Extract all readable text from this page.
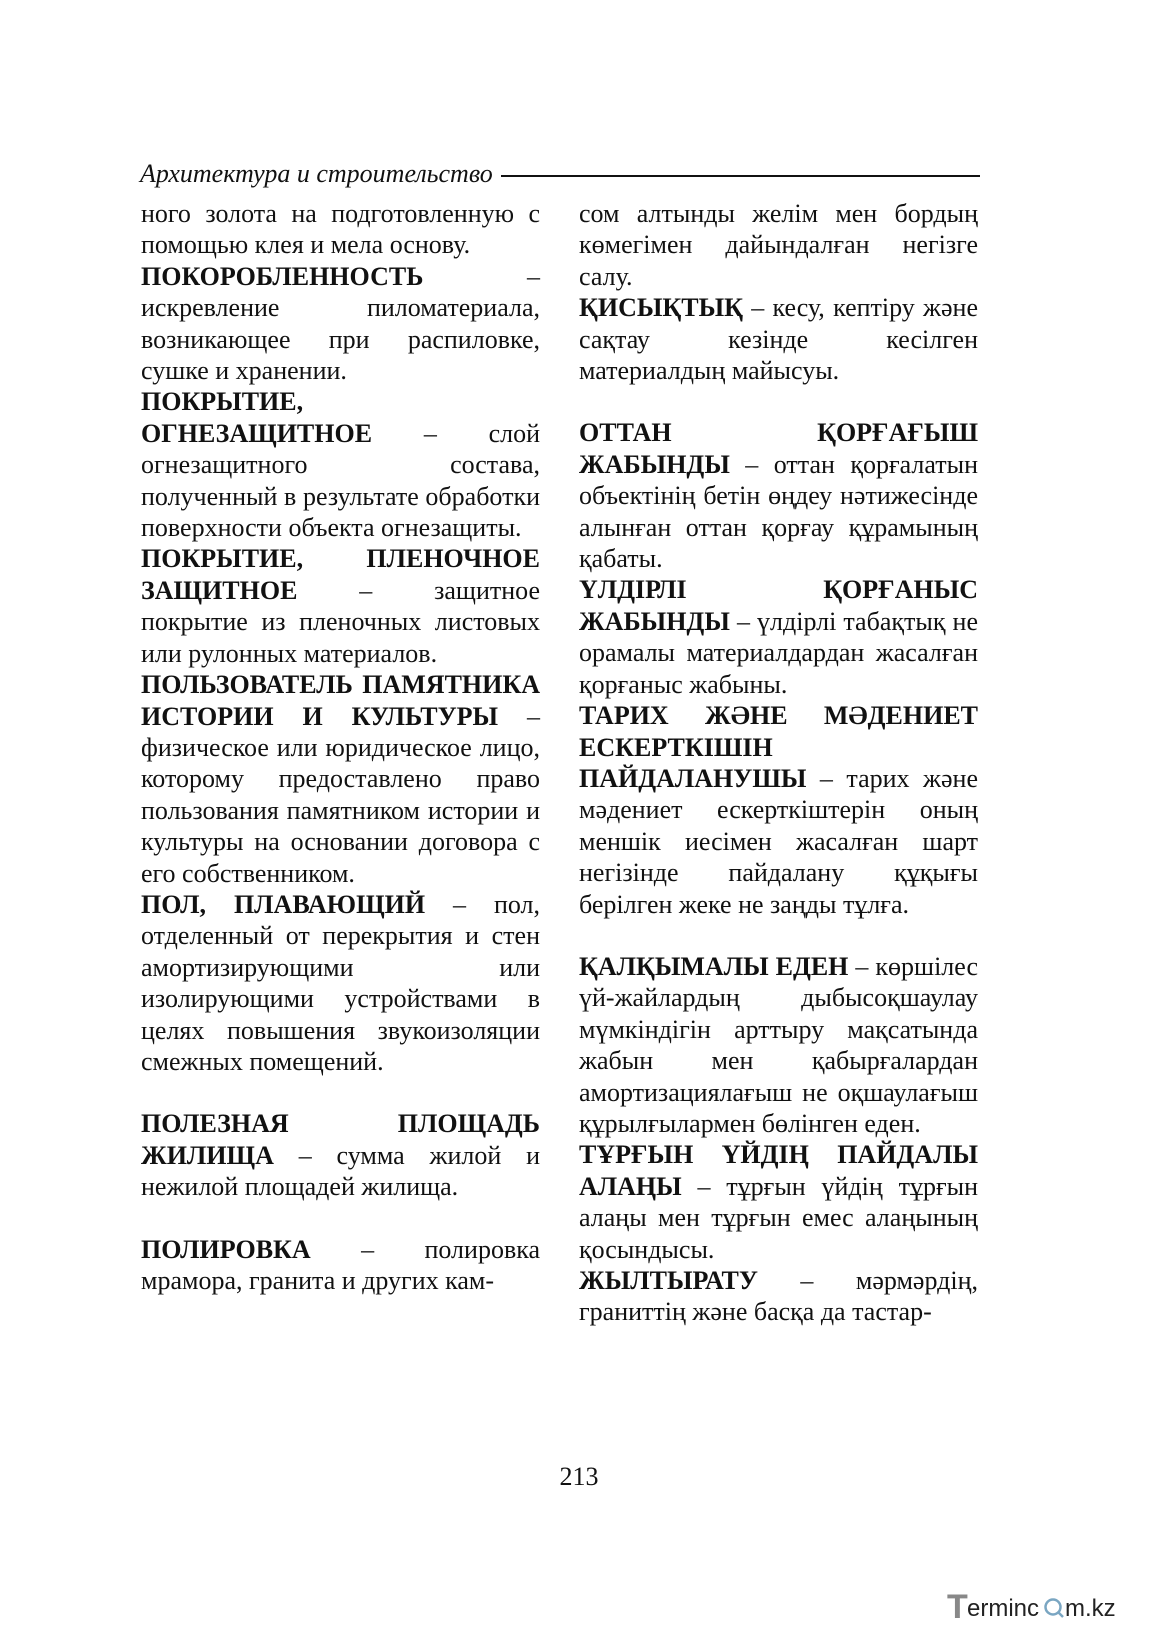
Архитектура и строительство

ного золота на подготовленную с помощью клея и мела основу.

ПОКОРОБЛЕННОСТЬ – искревление пиломатериала, возникающее при распиловке, сушке и хранении.

ПОКРЫТИЕ, ОГНЕЗАЩИТНОЕ – слой огнезащитного состава, полученный в результате обработки поверхности объекта огнезащиты.

ПОКРЫТИЕ, ПЛЕНОЧНОЕ ЗАЩИТНОЕ – защитное покрытие из пленочных листовых или рулонных материалов.

ПОЛЬЗОВАТЕЛЬ ПАМЯТНИКА ИСТОРИИ И КУЛЬТУРЫ – физическое или юридическое лицо, которому предоставлено право пользования памятником истории и культуры на основании договора с его собственником.

ПОЛ, ПЛАВАЮЩИЙ – пол, отделенный от перекрытия и стен амортизирующими или изолирующими устройствами в целях повышения звукоизоляции смежных помещений.

ПОЛЕЗНАЯ ПЛОЩАДЬ ЖИЛИЩА – сумма жилой и нежилой площадей жилища.

ПОЛИРОВКА – полировка мрамора, гранита и других кам-

сом алтынды желім мен бордың көмегімен дайындалған негізге салу.

ҚИСЫҚТЫҚ – кесу, кептіру және сақтау кезінде кесілген материалдың майысуы.

ОТТАН ҚОРҒАҒЫШ ЖАБЫНДЫ – оттан қорғалатын объектінің бетін өңдеу нәтижесінде алынған оттан қорғау құрамының қабаты.

ҮЛДІРЛІ ҚОРҒАНЫС ЖАБЫНДЫ – үлдірлі табақтық не орамалы материалдардан жасалған қорғаныс жабыны.

ТАРИХ ЖӘНЕ МӘДЕНИЕТ ЕСКЕРТКІШІН ПАЙДАЛАНУШЫ – тарих және мәдениет ескерткіштерін оның меншік иесімен жасалған шарт негізінде пайдалану құқығы берілген жеке не заңды тұлға.

ҚАЛҚЫМАЛЫ ЕДЕН – көршілес үй-жайлардың дыбысоқшаулау мүмкіндігін арттыру мақсатында жабын мен қабырғалардан амортизациялағыш не оқшаулағыш құрылғылармен бөлінген еден.

ТҰРҒЫН ҮЙДІҢ ПАЙДАЛЫ АЛАҢЫ – тұрғын үйдің тұрғын алаңы мен тұрғын емес алаңының қосындысы.

ЖЫЛТЫРАТУ – мәрмәрдің, граниттің және басқа да тастар-

213
T erminc m.kz
